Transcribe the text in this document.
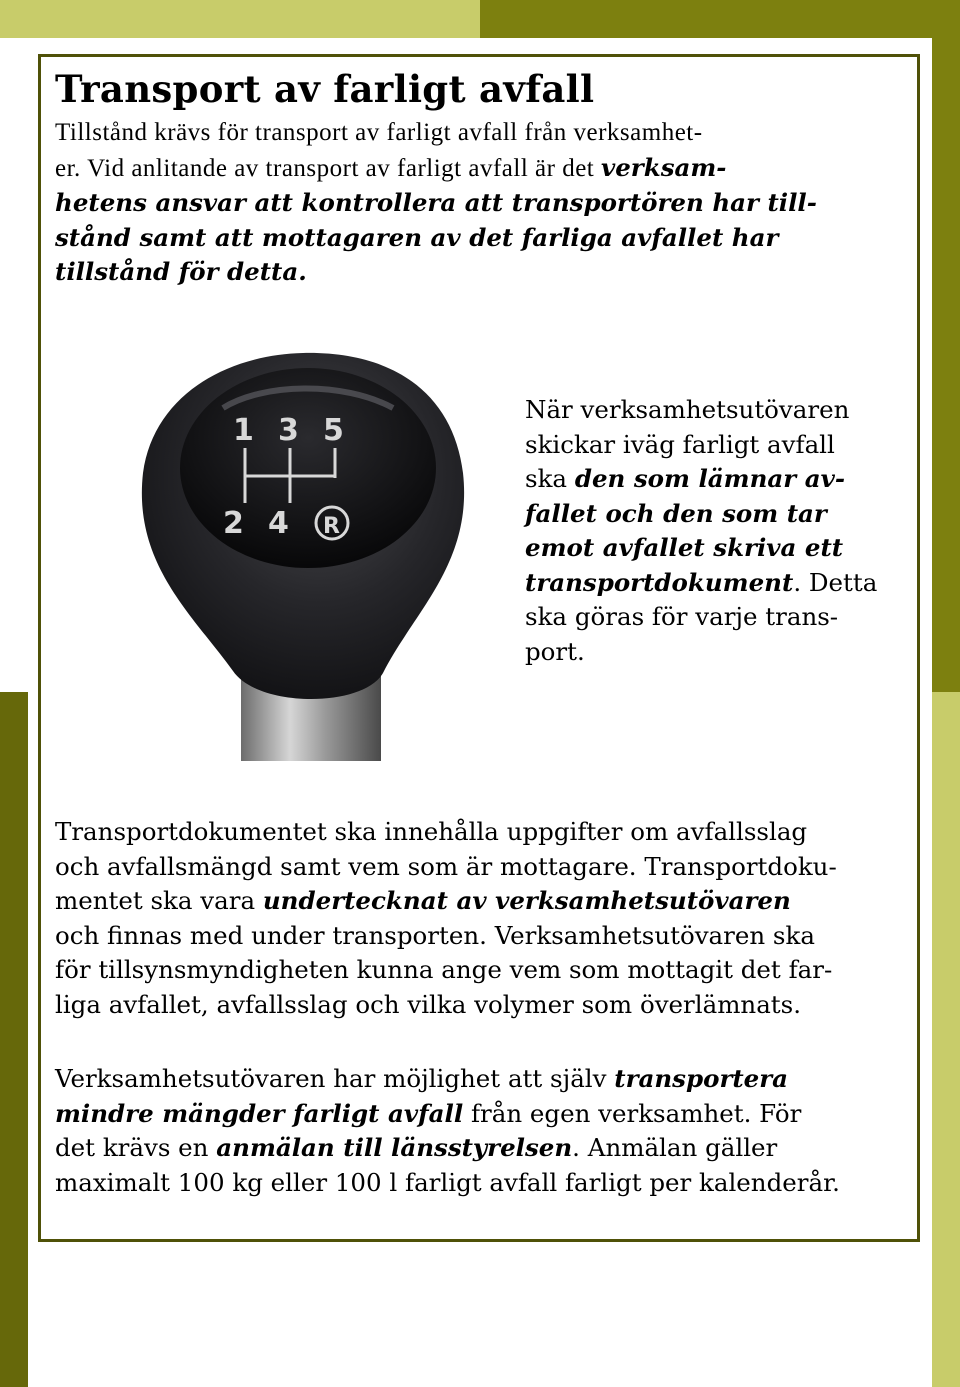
Transport av farligt avfall
Tillstånd krävs för transport av farligt avfall från verksamhet-
er. Vid anlitande av transport av farligt avfall är det verksam-
hetens ansvar att kontrollera att transportören har till-
stånd samt att mottagaren av det farliga avfallet har
tillstånd för detta.
1 3 5
2 4 R
När verksamhetsutövaren
skickar iväg farligt avfall
ska den som lämnar av-
fallet och den som tar
emot avfallet skriva ett
transportdokument. Detta
ska göras för varje trans-
port.
Transportdokumentet ska innehålla uppgifter om avfallsslag
och avfallsmängd samt vem som är mottagare. Transportdoku-
mentet ska vara undertecknat av verksamhetsutövaren
och finnas med under transporten. Verksamhetsutövaren ska
för tillsynsmyndigheten kunna ange vem som mottagit det far-
liga avfallet, avfallsslag och vilka volymer som överlämnats.
Verksamhetsutövaren har möjlighet att själv transportera
mindre mängder farligt avfall från egen verksamhet. För
det krävs en anmälan till länsstyrelsen. Anmälan gäller
maximalt 100 kg eller 100 l farligt avfall farligt per kalenderår.
